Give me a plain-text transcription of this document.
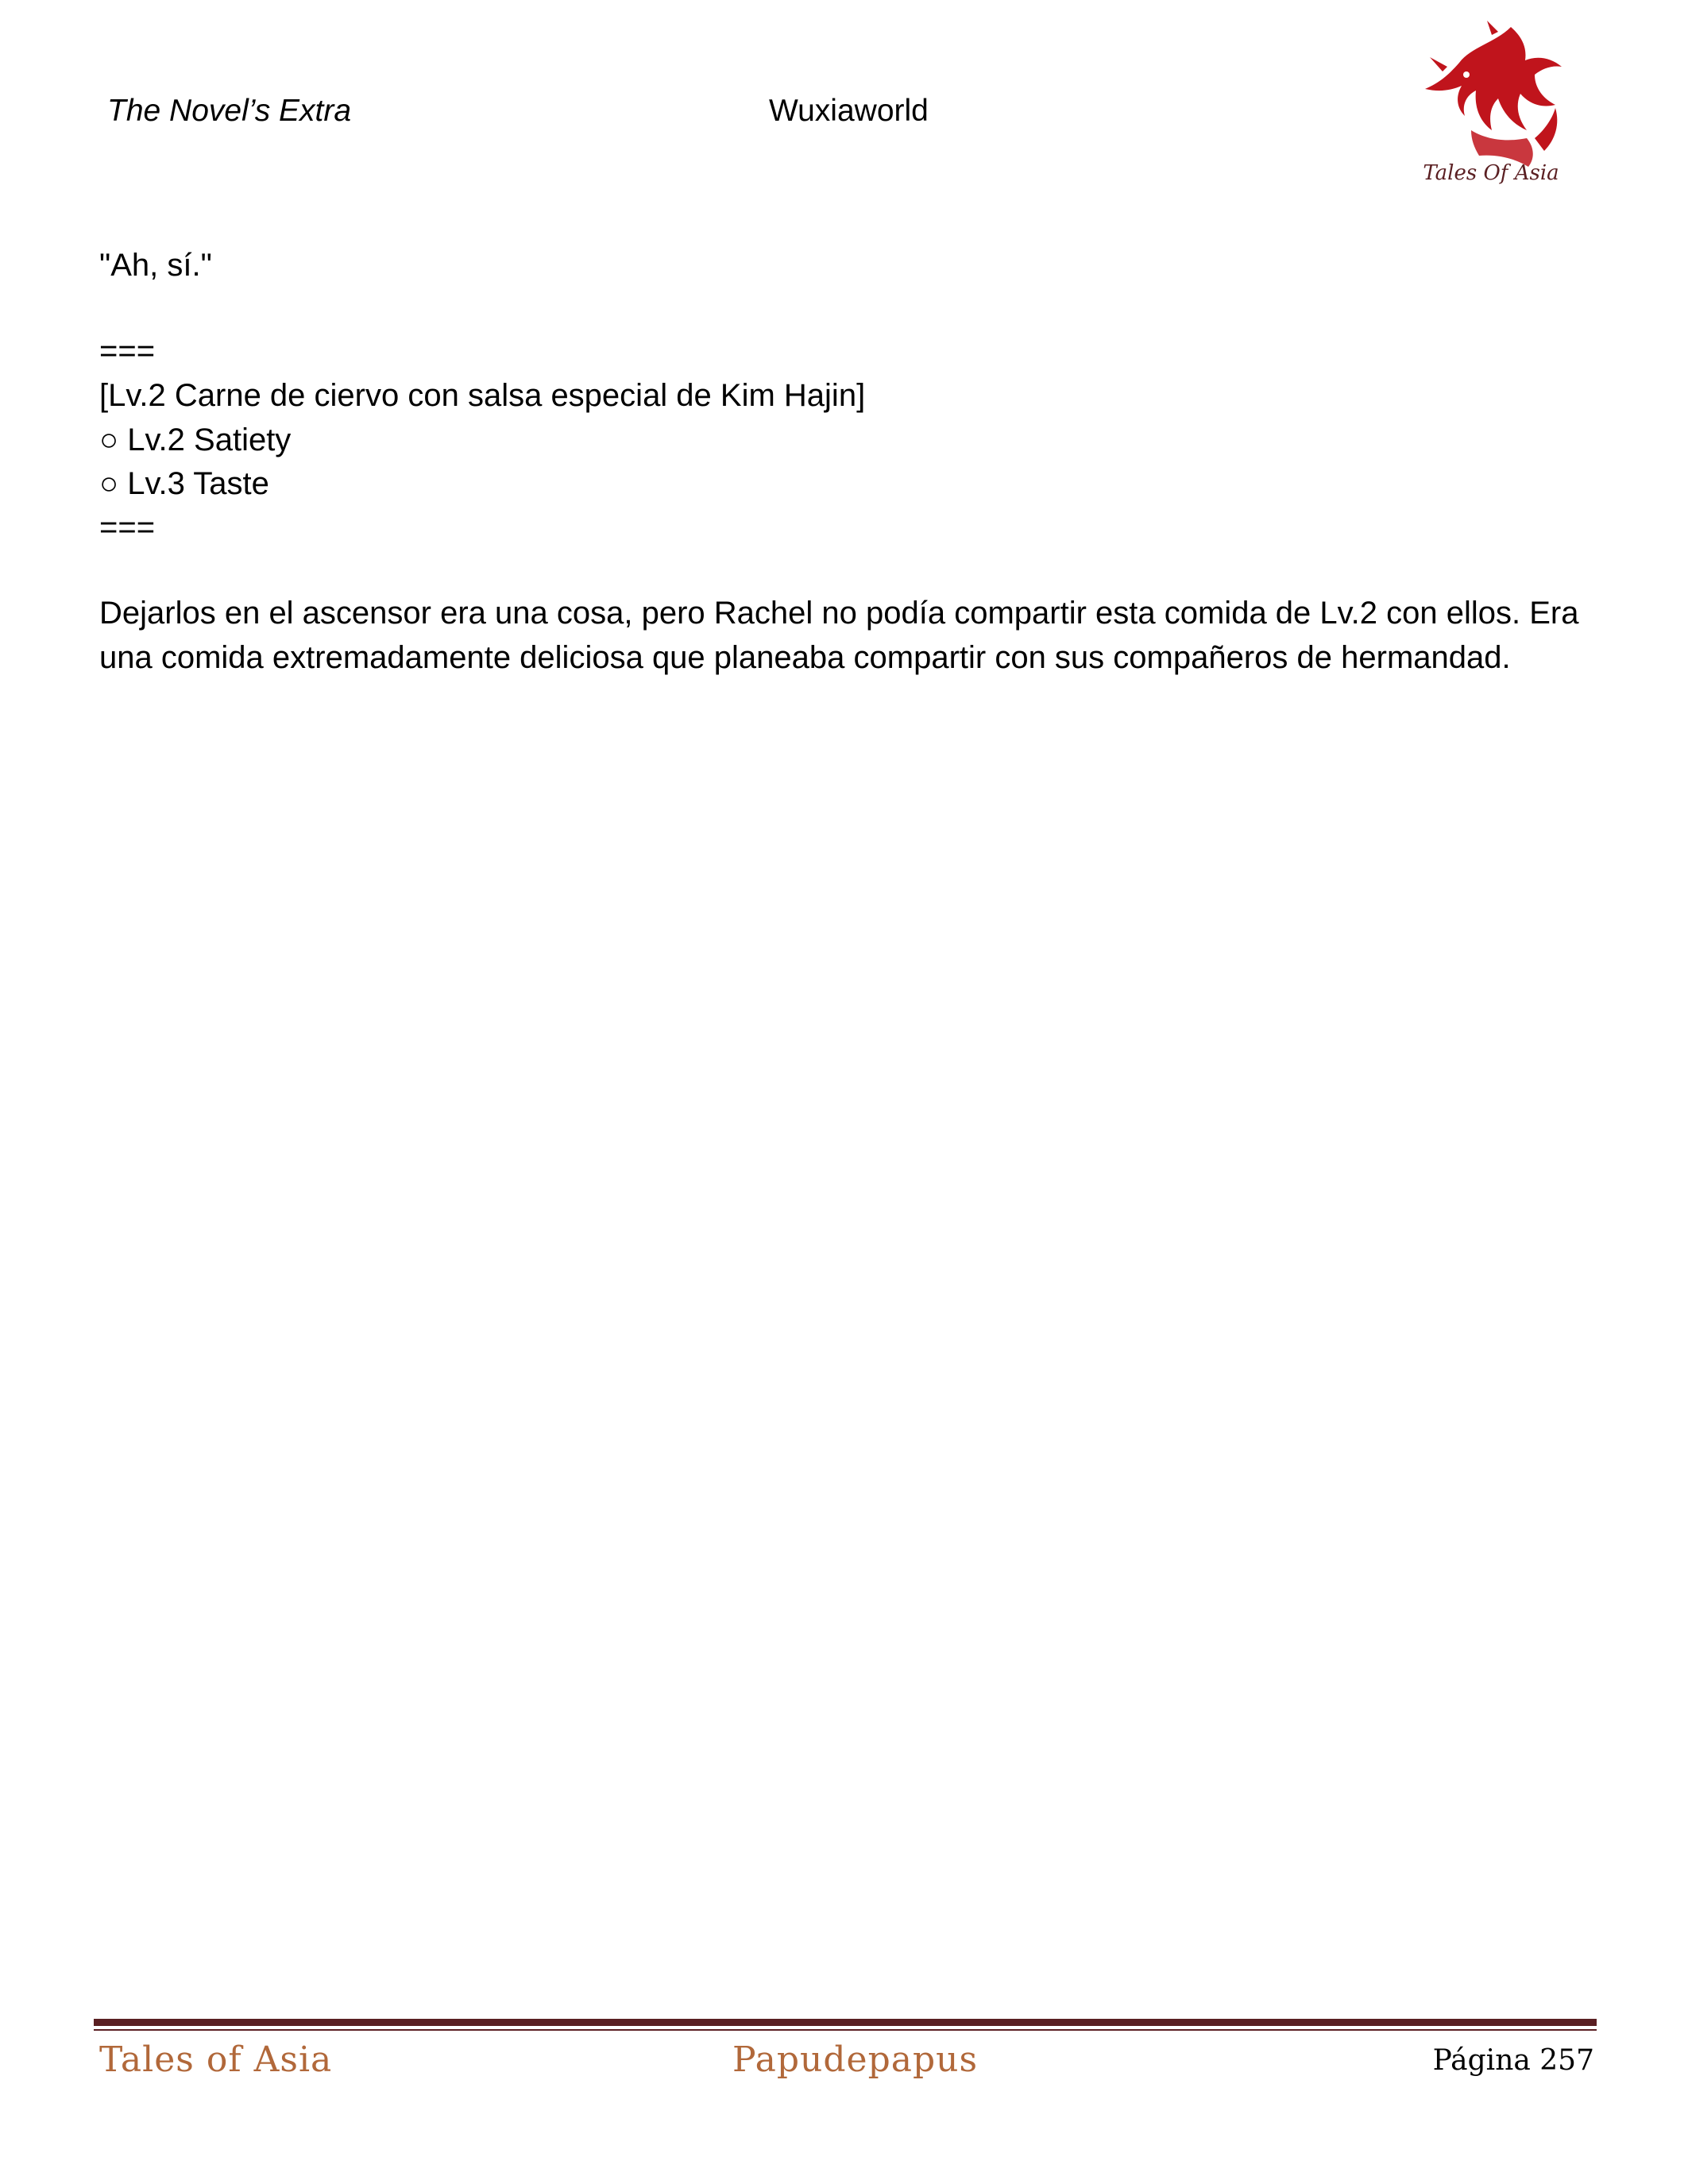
The Novel’s Extra	Wuxiaworld
Tales Of Asia
"Ah, sí."
===
[Lv.2 Carne de ciervo con salsa especial de Kim Hajin]
○ Lv.2 Satiety
○ Lv.3 Taste
===
Dejarlos en el ascensor era una cosa, pero Rachel no podía compartir esta comida de Lv.2 con ellos. Era una comida extremadamente deliciosa que planeaba compartir con sus compañeros de hermandad.
Tales of Asia	Papudepapus	Página 257
